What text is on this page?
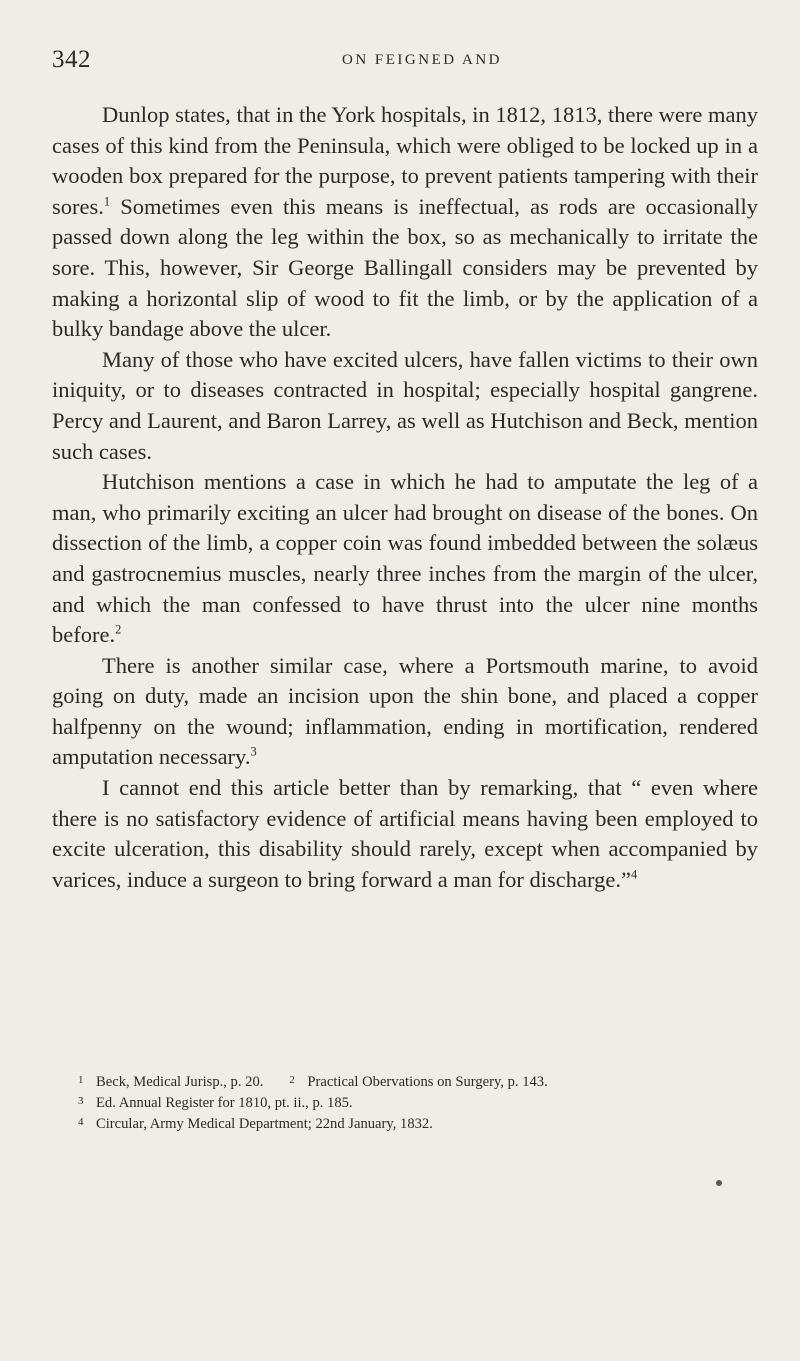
342	ON FEIGNED AND

Dunlop states, that in the York hospitals, in 1812, 1813, there were many cases of this kind from the Peninsula, which were obliged to be locked up in a wooden box prepared for the purpose, to prevent patients tampering with their sores.$^1$ Sometimes even this means is ineffectual, as rods are occasionally passed down along the leg within the box, so as mechanically to irritate the sore. This, however, Sir George Ballingall considers may be prevented by making a horizontal slip of wood to fit the limb, or by the application of a bulky bandage above the ulcer.

Many of those who have excited ulcers, have fallen victims to their own iniquity, or to diseases contracted in hospital; especially hospital gangrene. Percy and Laurent, and Baron Larrey, as well as Hutchison and Beck, mention such cases.

Hutchison mentions a case in which he had to amputate the leg of a man, who primarily exciting an ulcer had brought on disease of the bones. On dissection of the limb, a copper coin was found imbedded between the solæus and gastrocnemius muscles, nearly three inches from the margin of the ulcer, and which the man confessed to have thrust into the ulcer nine months before.$^2$

There is another similar case, where a Portsmouth marine, to avoid going on duty, made an incision upon the shin bone, and placed a copper halfpenny on the wound; inflammation, ending in mortification, rendered amputation necessary.$^3$

I cannot end this article better than by remarking, that “ even where there is no satisfactory evidence of artificial means having been employed to excite ulceration, this disability should rarely, except when accompanied by varices, induce a surgeon to bring forward a man for discharge.”$^4$

1 Beck, Medical Jurisp., p. 20. 2 Practical Obervations on Surgery, p. 143.
3 Ed. Annual Register for 1810, pt. ii., p. 185.
4 Circular, Army Medical Department; 22nd January, 1832.
